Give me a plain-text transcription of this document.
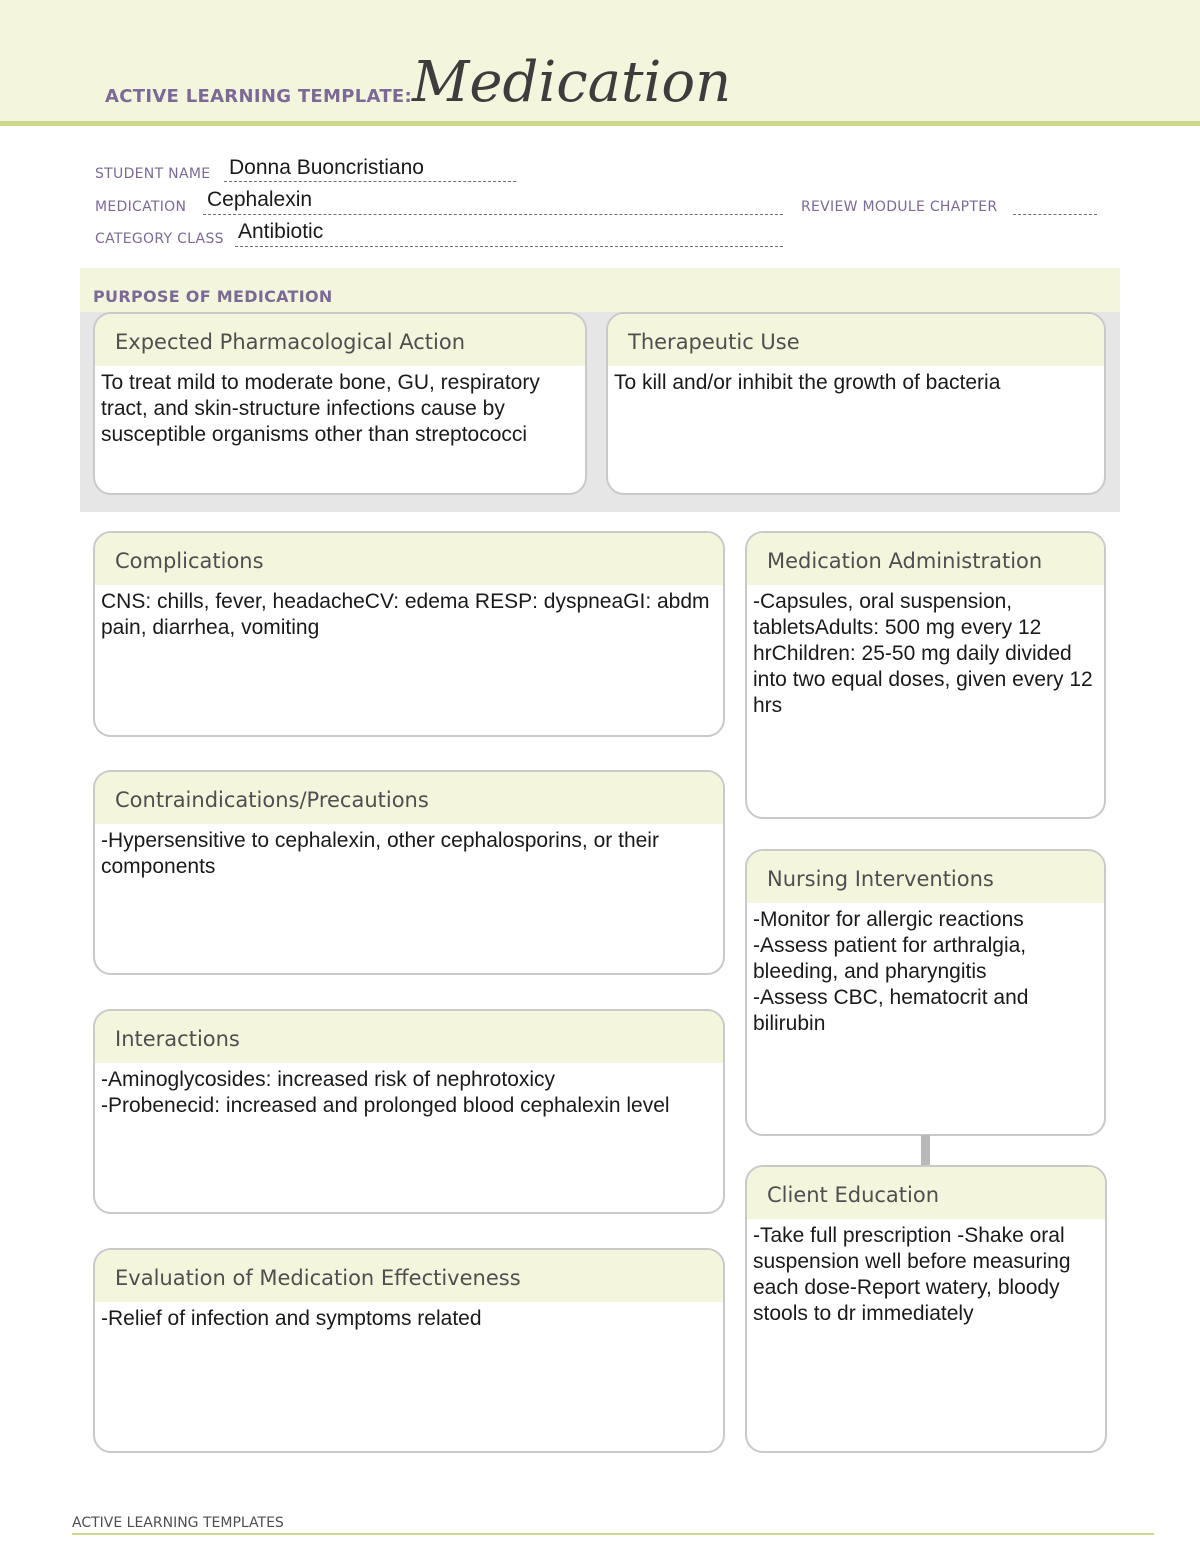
ACTIVE LEARNING TEMPLATE: Medication
STUDENT NAME Donna Buoncristiano
MEDICATION Cephalexin	REVIEW MODULE CHAPTER
CATEGORY CLASS Antibiotic
PURPOSE OF MEDICATION
Expected Pharmacological Action
To treat mild to moderate bone, GU, respiratory tract, and skin-structure infections cause by susceptible organisms other than streptococci
Therapeutic Use
To kill and/or inhibit the growth of bacteria
Complications
CNS: chills, fever, headacheCV: edema RESP: dyspneaGI: abdm pain, diarrhea, vomiting
Contraindications/Precautions
-Hypersensitive to cephalexin, other cephalosporins, or their components
Interactions
-Aminoglycosides: increased risk of nephrotoxicy
-Probenecid: increased and prolonged blood cephalexin level
Evaluation of Medication Effectiveness
-Relief of infection and symptoms related
Medication Administration
-Capsules, oral suspension, tabletsAdults: 500 mg every 12 hrChildren: 25-50 mg daily divided into two equal doses, given every 12 hrs
Nursing Interventions
-Monitor for allergic reactions
-Assess patient for arthralgia, bleeding, and pharyngitis
-Assess CBC, hematocrit and bilirubin
Client Education
-Take full prescription -Shake oral suspension well before measuring each dose-Report watery, bloody stools to dr immediately
ACTIVE LEARNING TEMPLATES
